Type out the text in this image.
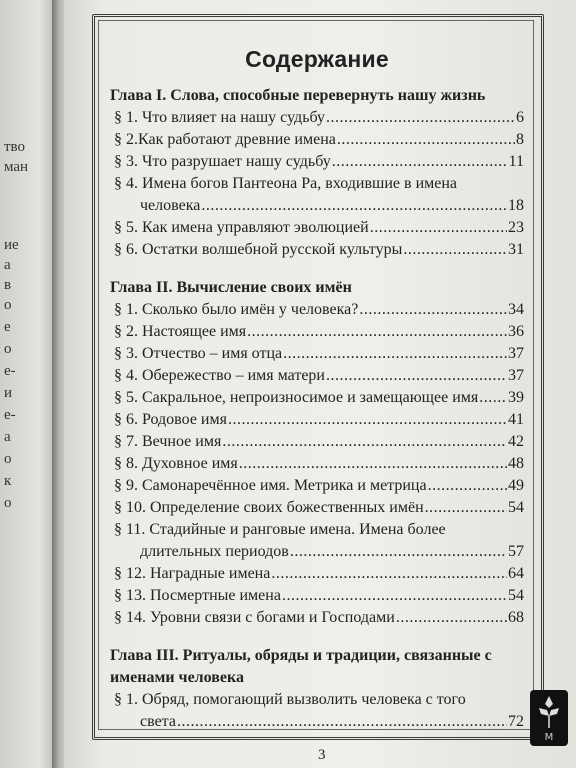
тво
ман
ие
а
в
о
е
о
е-
и
е-
а
о
к
о
Содержание
Глава I. Слова, способные перевернуть нашу жизнь
§ 1. Что влияет на нашу судьбу .....	6
§ 2.Как работают древние имена .....	8
§ 3. Что разрушает нашу судьбу .....	11
§ 4. Имена богов Пантеона Ра, входившие в имена
человека .....	18
§ 5. Как имена управляют эволюцией .....	23
§ 6. Остатки волшебной русской культуры .....	31
Глава II. Вычисление своих имён
§ 1. Сколько было имён у человека? .....	34
§ 2. Настоящее имя .....	36
§ 3. Отчество – имя отца .....	37
§ 4. Обережество – имя матери .....	37
§ 5. Сакральное, непроизносимое и замещающее имя ..... 39
§ 6. Родовое имя .....	41
§ 7. Вечное имя .....	42
§ 8. Духовное имя .....	48
§ 9. Самонаречённое имя. Метрика и метрица .....	49
§ 10. Определение своих божественных имён .....	54
§ 11. Стадийные и ранговые имена. Имена более
длительных периодов .....	57
§ 12. Наградные имена .....	64
§ 13. Посмертные имена .....	54
§ 14. Уровни связи с богами и Господами .....	68
Глава III. Ритуалы, обряды и традиции, связанные с именами человека
§ 1. Обряд, помогающий вызволить человека с того
света .....	72
3
M
